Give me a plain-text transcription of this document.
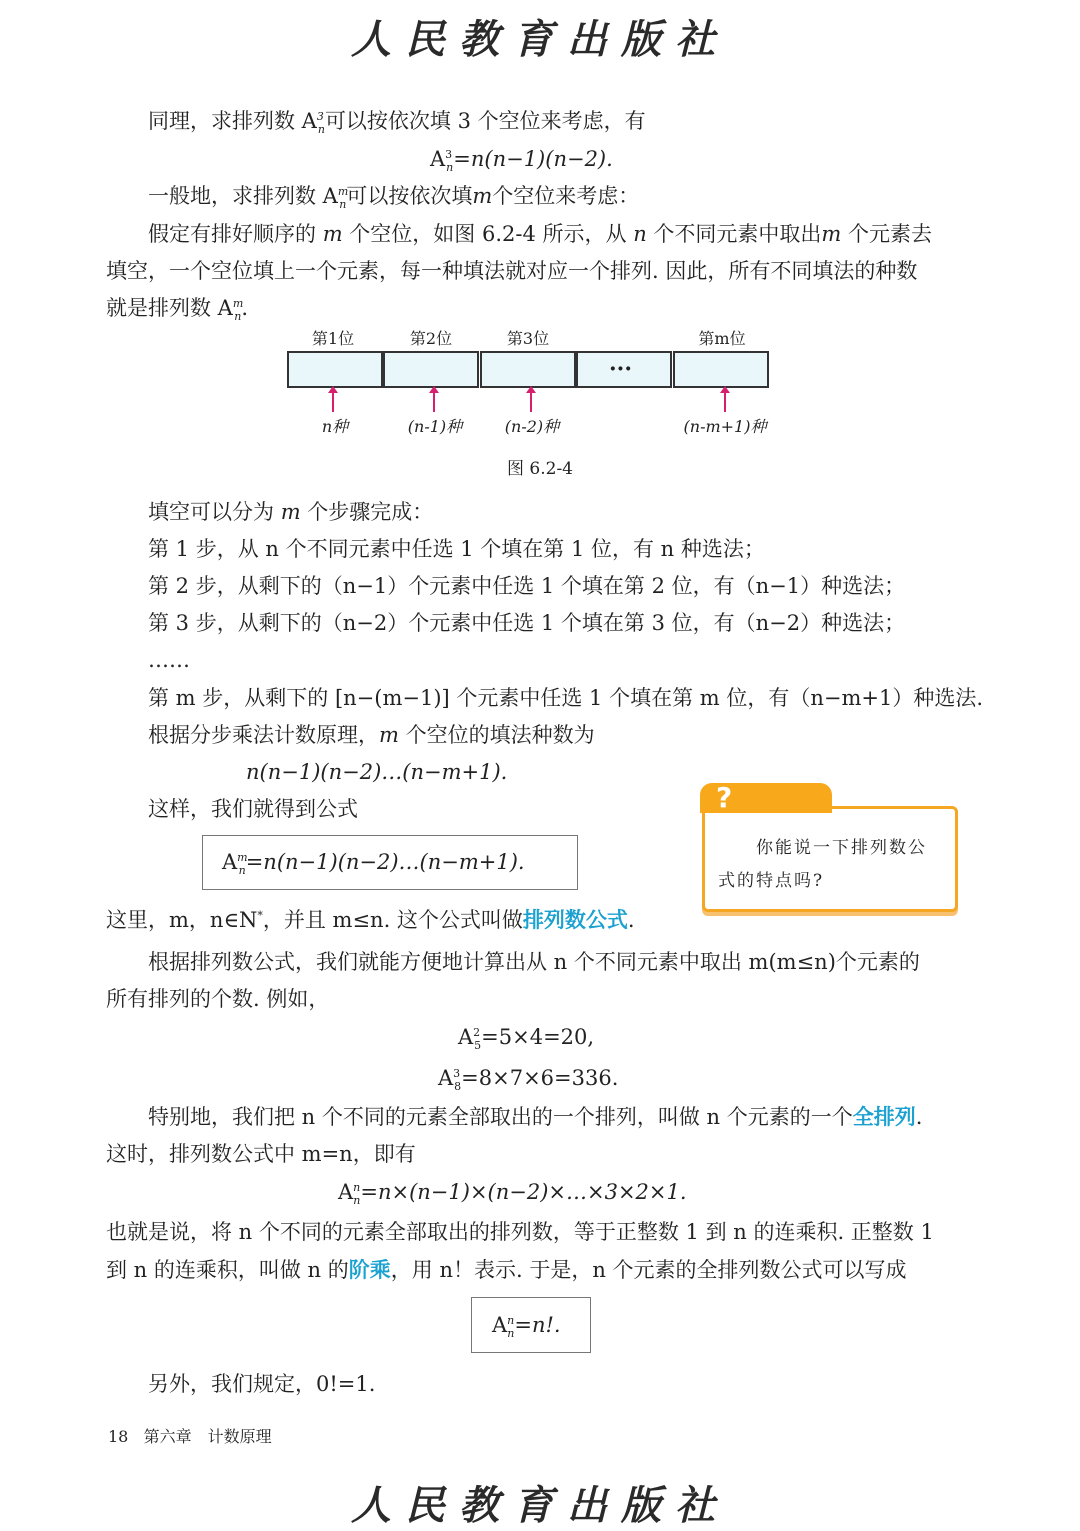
人民教育出版社
同理，求排列数 $A^3_n$可以按依次填 3 个空位来考虑，有
$A^3_n=n(n-1)(n-2)$.
一般地，求排列数 $A^m_n$可以按依次填m个空位来考虑：
假定有排好顺序的 m 个空位，如图 6.2-4 所示，从 n 个不同元素中取出m 个元素去
填空，一个空位填上一个元素，每一种填法就对应一个排列. 因此，所有不同填法的种数
就是排列数 $A^m_n$.
第1位	第2位	第3位	第m位
···
n种	(n-1)种	(n-2)种	(n-m+1)种
图 6.2-4
填空可以分为 m 个步骤完成：
第 1 步，从 n 个不同元素中任选 1 个填在第 1 位，有 n 种选法；
第 2 步，从剩下的（n−1）个元素中任选 1 个填在第 2 位，有（n−1）种选法；
第 3 步，从剩下的（n−2）个元素中任选 1 个填在第 3 位，有（n−2）种选法；
……
第 m 步，从剩下的 [n−(m−1)] 个元素中任选 1 个填在第 m 位，有（n−m+1）种选法.
根据分步乘法计数原理，m 个空位的填法种数为
n(n−1)(n−2)…(n−m+1).
这样，我们就得到公式
$A^m_n=n(n-1)(n-2)\dots(n-m+1)$.
?
你能说一下排列数公
式的特点吗?
这里，m，n∈N*，并且 m≤n. 这个公式叫做排列数公式.
根据排列数公式，我们就能方便地计算出从 n 个不同元素中取出 m(m≤n)个元素的
所有排列的个数. 例如，
$A^2_5=5\times 4=20$,
$A^3_8=8\times 7\times 6=336$.
特别地，我们把 n 个不同的元素全部取出的一个排列，叫做 n 个元素的一个全排列.
这时，排列数公式中 m=n，即有
$A^n_n=n\times(n-1)\times(n-2)\times\dots\times 3\times 2\times 1$.
也就是说，将 n 个不同的元素全部取出的排列数，等于正整数 1 到 n 的连乘积. 正整数 1
到 n 的连乘积，叫做 n 的阶乘，用 n！表示. 于是，n 个元素的全排列数公式可以写成
$A^n_n=n$!.
另外，我们规定，0!=1.
18 第六章　计数原理
人民教育出版社
